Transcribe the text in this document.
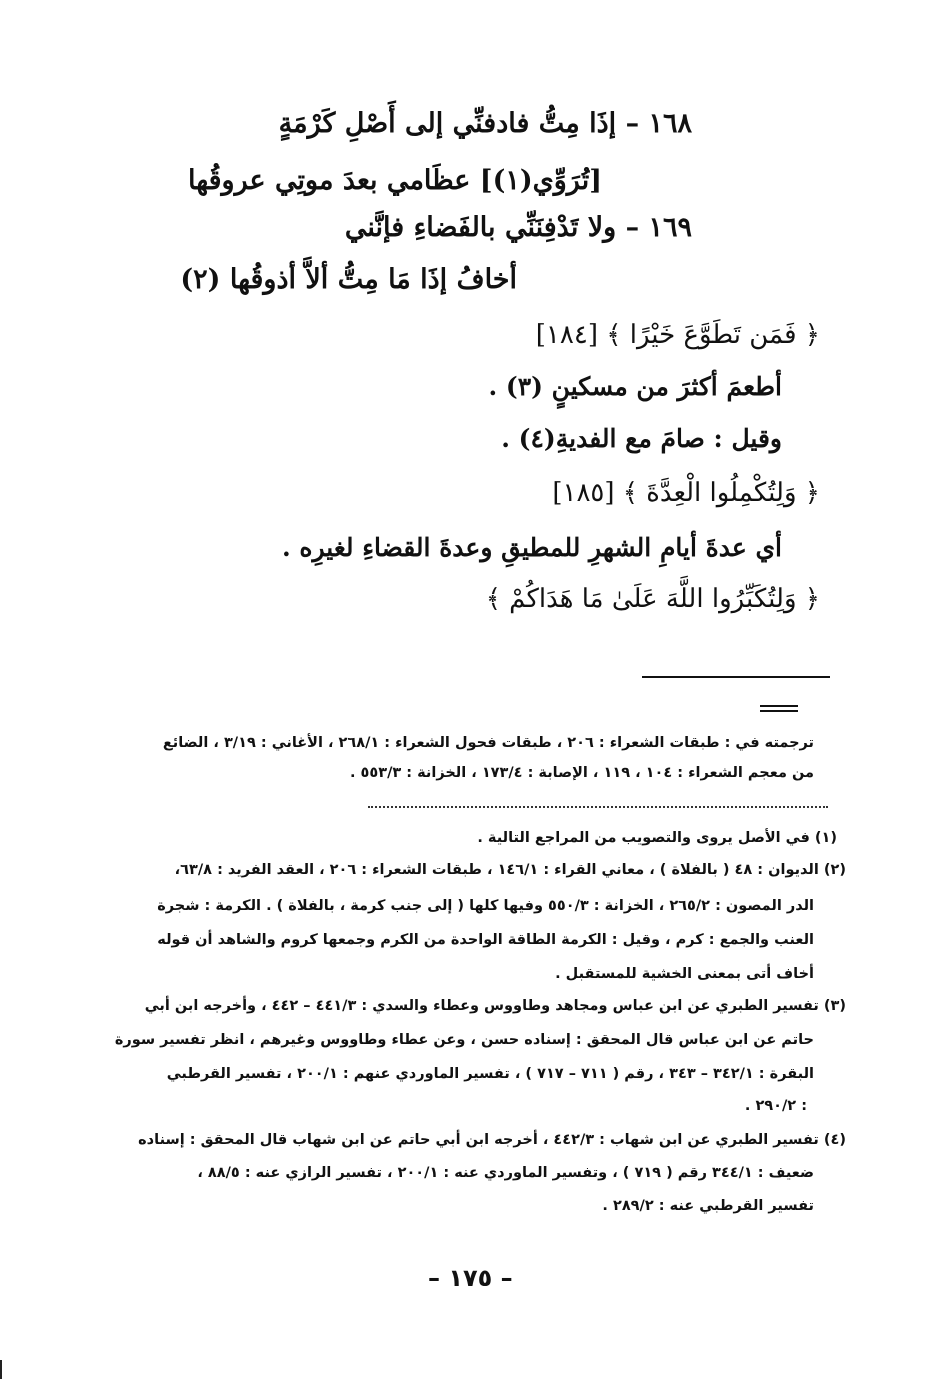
١٦٨ – إذَا مِتُّ فادفنِّي إلى أَصْلِ كَرْمَةٍ
[تُرَوِّي(١)] عظَامي بعدَ موتِي عروقُها
١٦٩ – ولا تَدْفِنَنِّي بالفَضاءِ فإنَّني
أخافُ إذَا مَا مِتُّ ألاَّ أذوقُها (٢)
﴿ فَمَن تَطَوَّعَ خَيْرًا ﴾ [١٨٤]
أطعمَ أكثرَ من مسكينٍ (٣) .
وقيل : صامَ مع الفديةِ(٤) .
﴿ وَلِتُكْمِلُوا الْعِدَّةَ ﴾ [١٨٥]
أي عدةَ أيامِ الشهرِ للمطيقِ وعدةَ القضاءِ لغيرِه .
﴿ وَلِتُكَبِّرُوا اللَّهَ عَلَىٰ مَا هَدَاكُمْ ﴾
ترجمته في : طبقات الشعراء : ٢٠٦ ، طبقات فحول الشعراء : ٢٦٨/١ ، الأغاني : ٣/١٩ ، الضائع
من معجم الشعراء : ١٠٤ ، ١١٩ ، الإصابة : ١٧٣/٤ ، الخزانة : ٥٥٣/٣ .
(١) في الأصل يروى والتصويب من المراجع التالية .
(٢) الديوان : ٤٨ ( بالفلاة ) ، معاني القراء : ١٤٦/١ ، طبقات الشعراء : ٢٠٦ ، العقد الفريد : ٦٣/٨،
الدر المصون : ٢٦٥/٢ ، الخزانة : ٥٥٠/٣ وفيها كلها ( إلى جنب كرمة ، بالفلاة ) . الكرمة : شجرة
العنب والجمع : كرم ، وقيل : الكرمة الطاقة الواحدة من الكرم وجمعها كروم والشاهد أن قوله
أخاف أتى بمعنى الخشية للمستقبل .
(٣) تفسير الطبري عن ابن عباس ومجاهد وطاووس وعطاء والسدي : ٤٤١/٣ – ٤٤٢ ، وأخرجه ابن أبي
حاتم عن ابن عباس قال المحقق : إسناده حسن ، وعن عطاء وطاووس وغيرهم ، انظر تفسير سورة
البقرة : ٣٤٢/١ – ٣٤٣ ، رقم ( ٧١١ – ٧١٧ ) ، تفسير الماوردي عنهم : ٢٠٠/١ ، تفسير القرطبي
: ٢٩٠/٢ .
(٤) تفسير الطبري عن ابن شهاب : ٤٤٢/٣ ، أخرجه ابن أبي حاتم عن ابن شهاب قال المحقق : إسناده
ضعيف : ٣٤٤/١ رقم ( ٧١٩ ) ، وتفسير الماوردي عنه : ٢٠٠/١ ، تفسير الرازي عنه : ٨٨/٥ ،
تفسير القرطبي عنه : ٢٨٩/٢ .
– ١٧٥ –
